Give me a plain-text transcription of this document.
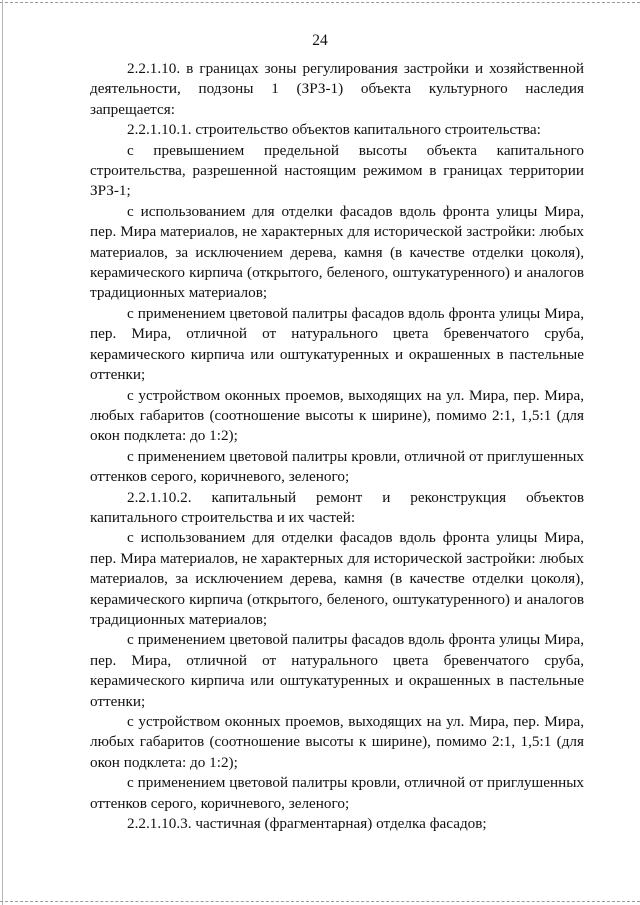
24

2.2.1.10. в границах зоны регулирования застройки и хозяйственной деятельности, подзоны 1 (ЗРЗ-1) объекта культурного наследия запрещается:

2.2.1.10.1. строительство объектов капитального строительства:

с превышением предельной высоты объекта капитального строительства, разрешенной настоящим режимом в границах территории ЗРЗ-1;

с использованием для отделки фасадов вдоль фронта улицы Мира, пер. Мира материалов, не характерных для исторической застройки: любых материалов, за исключением дерева, камня (в качестве отделки цоколя), керамического кирпича (открытого, беленого, оштукатуренного) и аналогов традиционных материалов;

с применением цветовой палитры фасадов вдоль фронта улицы Мира, пер. Мира, отличной от натурального цвета бревенчатого сруба, керамического кирпича или оштукатуренных и окрашенных в пастельные оттенки;

с устройством оконных проемов, выходящих на ул. Мира, пер. Мира, любых габаритов (соотношение высоты к ширине), помимо 2:1, 1,5:1 (для окон подклета: до 1:2);

с применением цветовой палитры кровли, отличной от приглушенных оттенков серого, коричневого, зеленого;

2.2.1.10.2. капитальный ремонт и реконструкция объектов капитального строительства и их частей:

с использованием для отделки фасадов вдоль фронта улицы Мира, пер. Мира материалов, не характерных для исторической застройки: любых материалов, за исключением дерева, камня (в качестве отделки цоколя), керамического кирпича (открытого, беленого, оштукатуренного) и аналогов традиционных материалов;

с применением цветовой палитры фасадов вдоль фронта улицы Мира, пер. Мира, отличной от натурального цвета бревенчатого сруба, керамического кирпича или оштукатуренных и окрашенных в пастельные оттенки;

с устройством оконных проемов, выходящих на ул. Мира, пер. Мира, любых габаритов (соотношение высоты к ширине), помимо 2:1, 1,5:1 (для окон подклета: до 1:2);

с применением цветовой палитры кровли, отличной от приглушенных оттенков серого, коричневого, зеленого;

2.2.1.10.3. частичная (фрагментарная) отделка фасадов;
